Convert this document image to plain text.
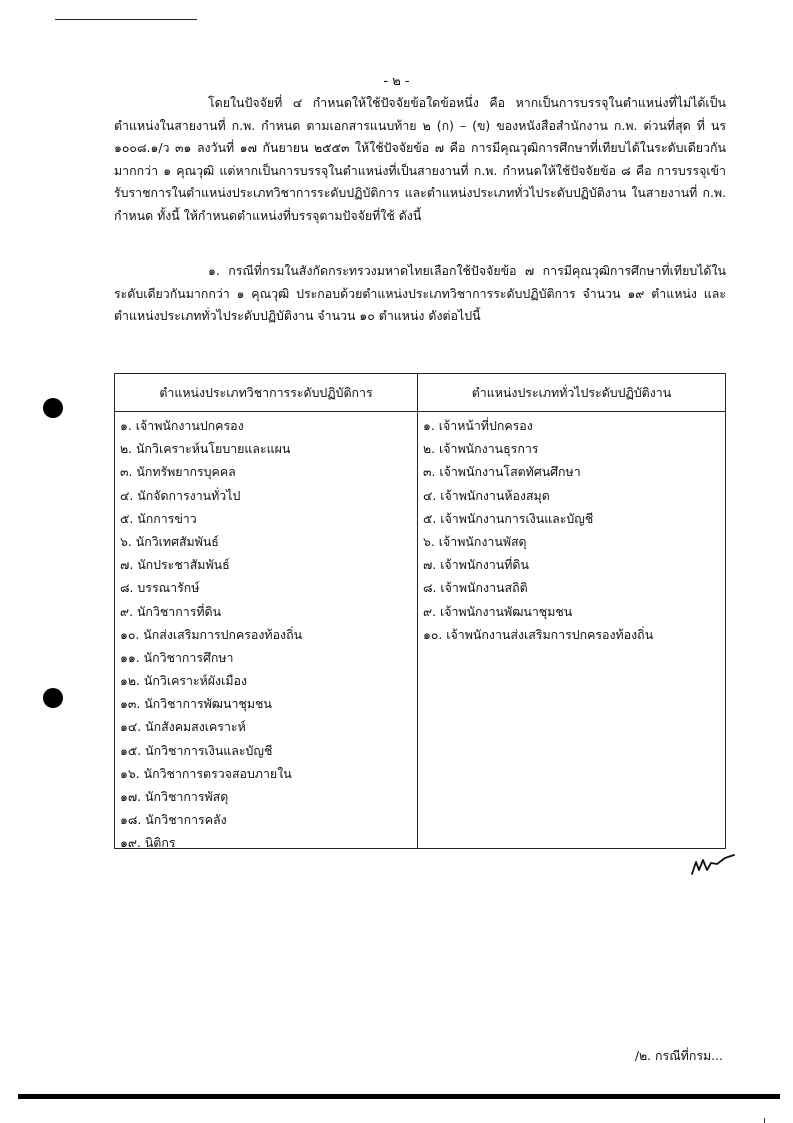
- ๒ -

โดยในปัจจัยที่ ๔ กำหนดให้ใช้ปัจจัยข้อใดข้อหนึ่ง คือ หากเป็นการบรรจุในตำแหน่งที่ไม่ได้เป็นตำแหน่งในสายงานที่ ก.พ. กำหนด ตามเอกสารแนบท้าย ๒ (ก) – (ข) ของหนังสือสำนักงาน ก.พ. ด่วนที่สุด ที่ นร ๑๐๐๘.๑/ว ๓๑ ลงวันที่ ๑๗ กันยายน ๒๕๕๓ ให้ใช้ปัจจัยข้อ ๗ คือ การมีคุณวุฒิการศึกษาที่เทียบได้ในระดับเดียวกันมากกว่า ๑ คุณวุฒิ แต่หากเป็นการบรรจุในตำแหน่งที่เป็นสายงานที่ ก.พ. กำหนดให้ใช้ปัจจัยข้อ ๘ คือ การบรรจุเข้ารับราชการในตำแหน่งประเภทวิชาการระดับปฏิบัติการ และตำแหน่งประเภททั่วไประดับปฏิบัติงาน ในสายงานที่ ก.พ. กำหนด ทั้งนี้ ให้กำหนดตำแหน่งที่บรรจุตามปัจจัยที่ใช้ ดังนี้

๑. กรณีที่กรมในสังกัดกระทรวงมหาดไทยเลือกใช้ปัจจัยข้อ ๗ การมีคุณวุฒิการศึกษาที่เทียบได้ในระดับเดียวกันมากกว่า ๑ คุณวุฒิ ประกอบด้วยตำแหน่งประเภทวิชาการระดับปฏิบัติการ จำนวน ๑๙ ตำแหน่ง และตำแหน่งประเภททั่วไประดับปฏิบัติงาน จำนวน ๑๐ ตำแหน่ง ดังต่อไปนี้

ตำแหน่งประเภทวิชาการระดับปฏิบัติการ	ตำแหน่งประเภททั่วไประดับปฏิบัติงาน
๑. เจ้าพนักงานปกครอง
๒. นักวิเคราะห์นโยบายและแผน
๓. นักทรัพยากรบุคคล
๔. นักจัดการงานทั่วไป
๕. นักการข่าว
๖. นักวิเทศสัมพันธ์
๗. นักประชาสัมพันธ์
๘. บรรณารักษ์
๙. นักวิชาการที่ดิน
๑๐. นักส่งเสริมการปกครองท้องถิ่น
๑๑. นักวิชาการศึกษา
๑๒. นักวิเคราะห์ผังเมือง
๑๓. นักวิชาการพัฒนาชุมชน
๑๔. นักสังคมสงเคราะห์
๑๕. นักวิชาการเงินและบัญชี
๑๖. นักวิชาการตรวจสอบภายใน
๑๗. นักวิชาการพัสดุ
๑๘. นักวิชาการคลัง
๑๙. นิติกร
๑. เจ้าหน้าที่ปกครอง
๒. เจ้าพนักงานธุรการ
๓. เจ้าพนักงานโสตทัศนศึกษา
๔. เจ้าพนักงานห้องสมุด
๕. เจ้าพนักงานการเงินและบัญชี
๖. เจ้าพนักงานพัสดุ
๗. เจ้าพนักงานที่ดิน
๘. เจ้าพนักงานสถิติ
๙. เจ้าพนักงานพัฒนาชุมชน
๑๐. เจ้าพนักงานส่งเสริมการปกครองท้องถิ่น
/๒. กรณีที่กรม...
